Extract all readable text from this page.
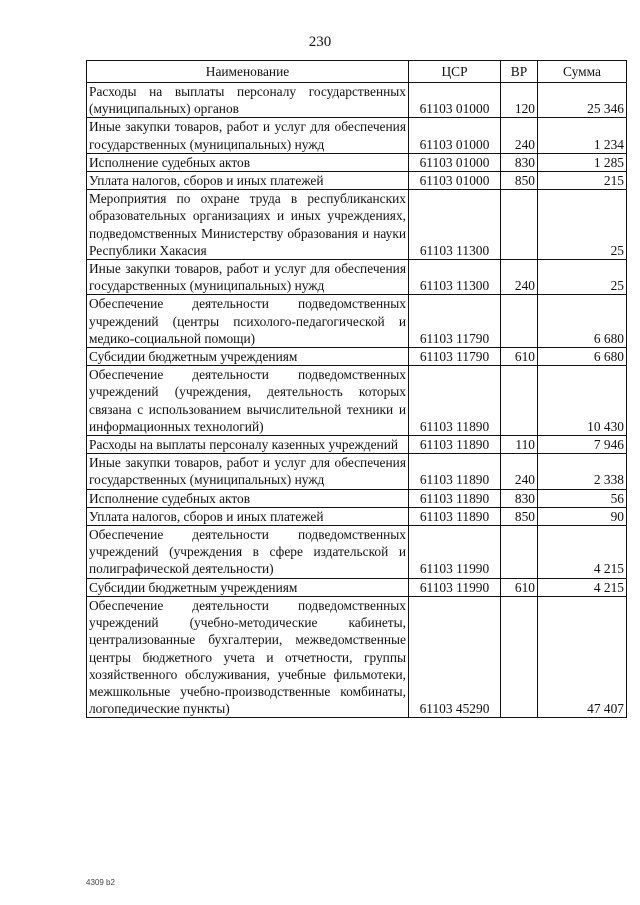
230
Наименование	ЦСР	ВР	Сумма
Расходы на выплаты персоналу государственных (муниципальных) органов	61103 01000	120	25 346
Иные закупки товаров, работ и услуг для обеспечения государственных (муниципальных) нужд	61103 01000	240	1 234
Исполнение судебных актов	61103 01000	830	1 285
Уплата налогов, сборов и иных платежей	61103 01000	850	215
Мероприятия по охране труда в республиканских образовательных организациях и иных учреждениях, подведомственных Министерству образования и науки Республики Хакасия	61103 11300		25
Иные закупки товаров, работ и услуг для обеспечения государственных (муниципальных) нужд	61103 11300	240	25
Обеспечение деятельности подведомственных учреждений (центры психолого-педагогической и медико-социальной помощи)	61103 11790		6 680
Субсидии бюджетным учреждениям	61103 11790	610	6 680
Обеспечение деятельности подведомственных учреждений (учреждения, деятельность которых связана с использованием вычислительной техники и информационных технологий)	61103 11890		10 430
Расходы на выплаты персоналу казенных учреждений	61103 11890	110	7 946
Иные закупки товаров, работ и услуг для обеспечения государственных (муниципальных) нужд	61103 11890	240	2 338
Исполнение судебных актов	61103 11890	830	56
Уплата налогов, сборов и иных платежей	61103 11890	850	90
Обеспечение деятельности подведомственных учреждений (учреждения в сфере издательской и полиграфической деятельности)	61103 11990		4 215
Субсидии бюджетным учреждениям	61103 11990	610	4 215
Обеспечение деятельности подведомственных учреждений (учебно-методические кабинеты, централизованные бухгалтерии, межведомственные центры бюджетного учета и отчетности, группы хозяйственного обслуживания, учебные фильмотеки, межшкольные учебно-производственные комбинаты, логопедические пункты)	61103 45290		47 407
4309 b2
